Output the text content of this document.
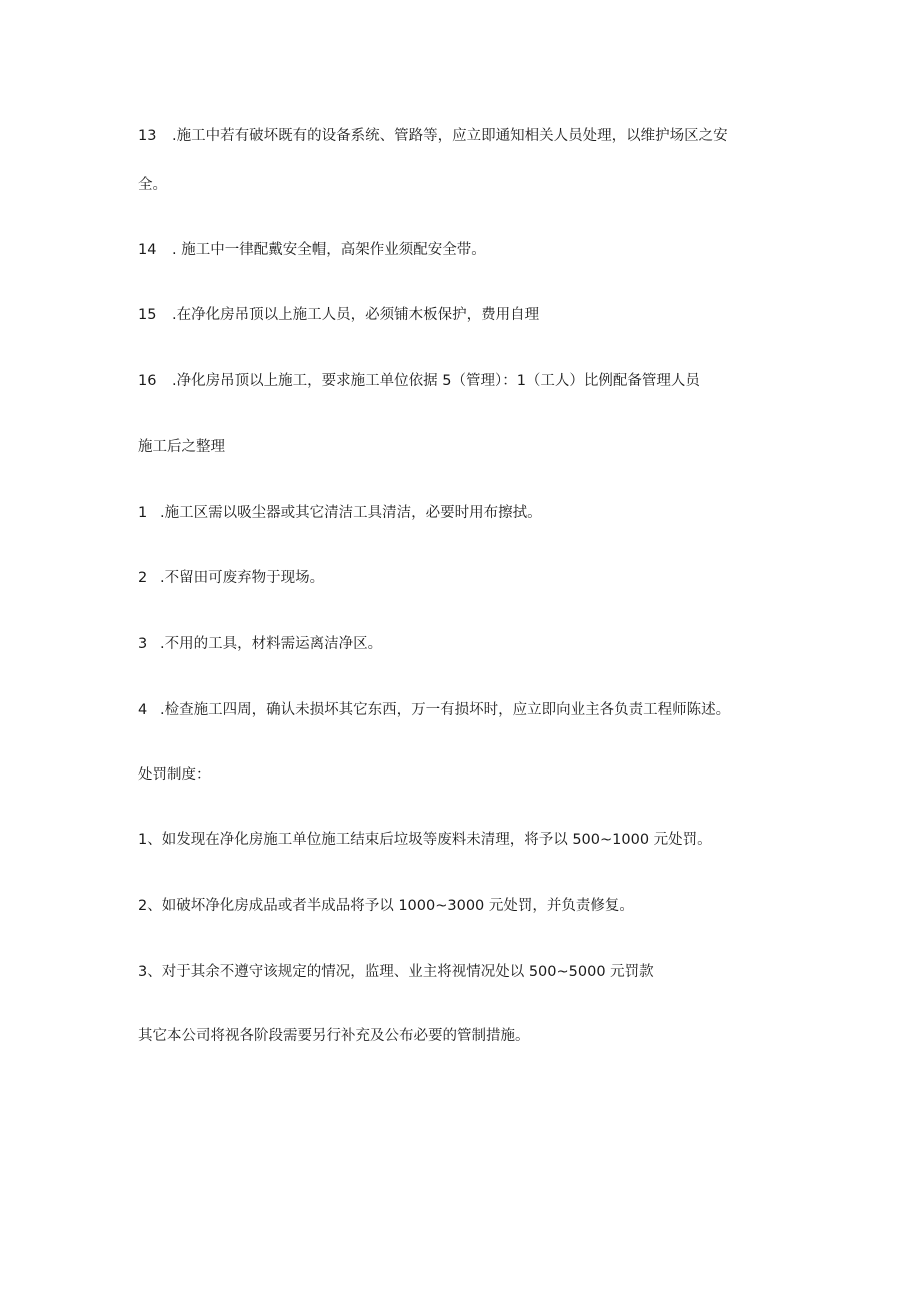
13 .施工中若有破坏既有的设备系统、管路等，应立即通知相关人员处理，以维护场区之安
全。
14 . 施工中一律配戴安全帽，高架作业须配安全带。
15 .在净化房吊顶以上施工人员，必须铺木板保护，费用自理
16 .净化房吊顶以上施工，要求施工单位依据 5（管理）：1（工人）比例配备管理人员
施工后之整理
1 .施工区需以吸尘器或其它清洁工具清洁，必要时用布擦拭。
2 .不留田可废弃物于现场。
3 .不用的工具，材料需运离洁净区。
4 .检查施工四周，确认未损坏其它东西，万一有损坏时，应立即向业主各负责工程师陈述。
处罚制度：
1、如发现在净化房施工单位施工结束后垃圾等废料未清理，将予以 500~1000 元处罚。
2、如破坏净化房成品或者半成品将予以 1000~3000 元处罚，并负责修复。
3、对于其余不遵守该规定的情况，监理、业主将视情况处以 500~5000 元罚款
其它本公司将视各阶段需要另行补充及公布必要的管制措施。
